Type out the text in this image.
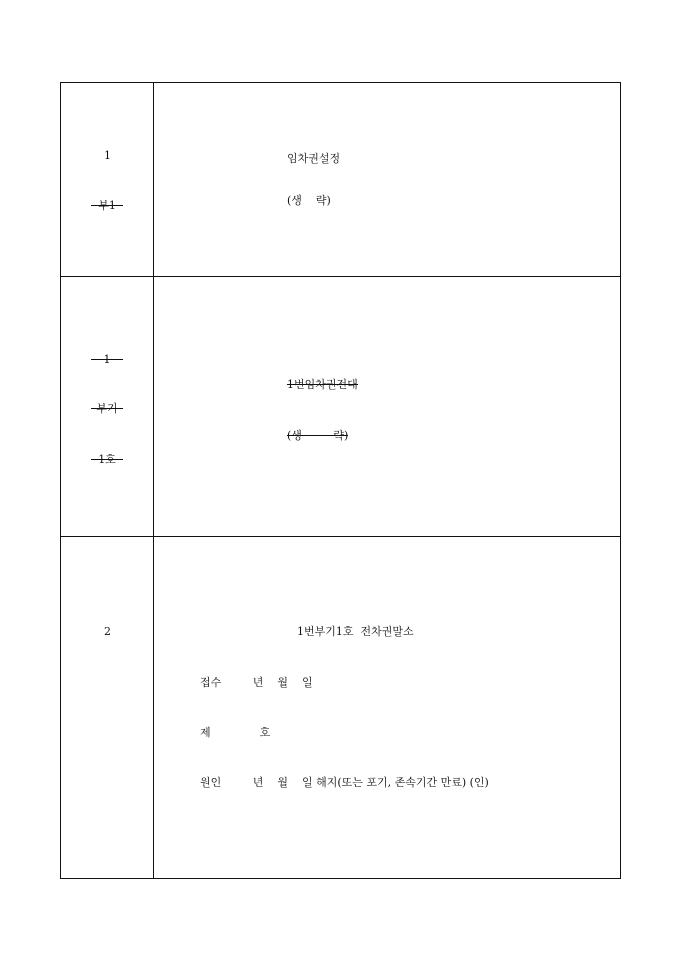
1
부1
임차권설정
(생    략)
1
부기
1호
1번임차권전대
(생         략)
2	1번부기1호  전차권말소
접수         년    월    일
제              호
원인         년    월    일 해지(또는 포기, 존속기간 만료) (인)
